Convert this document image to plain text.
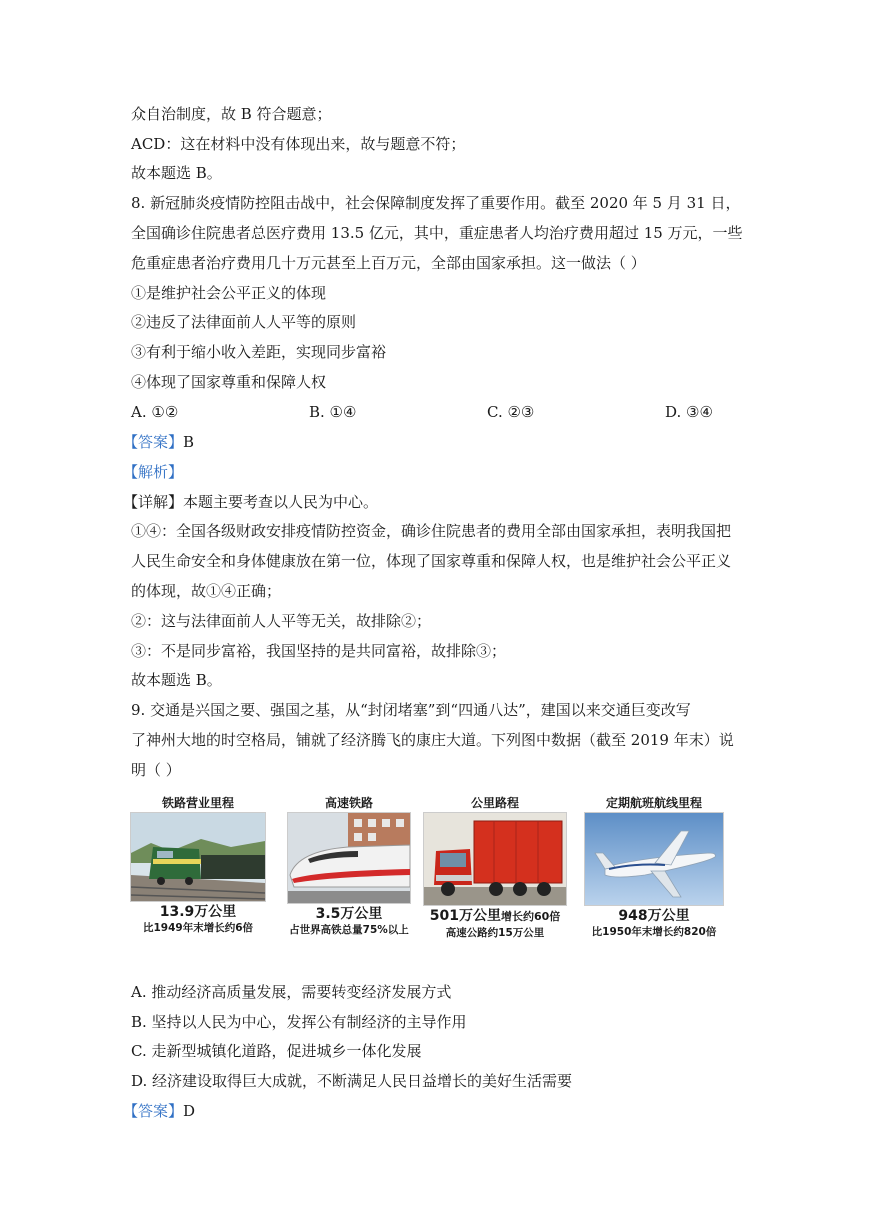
众自治制度，故 B 符合题意；
ACD：这在材料中没有体现出来，故与题意不符；
故本题选 B。
8. 新冠肺炎疫情防控阻击战中，社会保障制度发挥了重要作用。截至 2020 年 5 月 31 日，
全国确诊住院患者总医疗费用 13.5 亿元，其中，重症患者人均治疗费用超过 15 万元，一些
危重症患者治疗费用几十万元甚至上百万元，全部由国家承担。这一做法（ ）
①是维护社会公平正义的体现
②违反了法律面前人人平等的原则
③有利于缩小收入差距，实现同步富裕
④体现了国家尊重和保障人权
A. ①②	B. ①④	C. ②③	D. ③④
【答案】B
【解析】
【详解】本题主要考查以人民为中心。
①④：全国各级财政安排疫情防控资金，确诊住院患者的费用全部由国家承担，表明我国把
人民生命安全和身体健康放在第一位，体现了国家尊重和保障人权，也是维护社会公平正义
的体现，故①④正确；
②：这与法律面前人人平等无关，故排除②；
③：不是同步富裕，我国坚持的是共同富裕，故排除③；
故本题选 B。
9. 交通是兴国之要、强国之基，从“封闭堵塞”到“四通八达”，建国以来交通巨变改写
了神州大地的时空格局，铺就了经济腾飞的康庄大道。下列图中数据（截至 2019 年末）说
明（ ）
铁路营业里程
13.9万公里
比1949年末增长约6倍
高速铁路
3.5万公里
占世界高铁总量75%以上
公里路程
501万公里增长约60倍
高速公路约15万公里
定期航班航线里程
948万公里
比1950年末增长约820倍
A. 推动经济高质量发展，需要转变经济发展方式
B. 坚持以人民为中心，发挥公有制经济的主导作用
C. 走新型城镇化道路，促进城乡一体化发展
D. 经济建设取得巨大成就，不断满足人民日益增长的美好生活需要
【答案】D
